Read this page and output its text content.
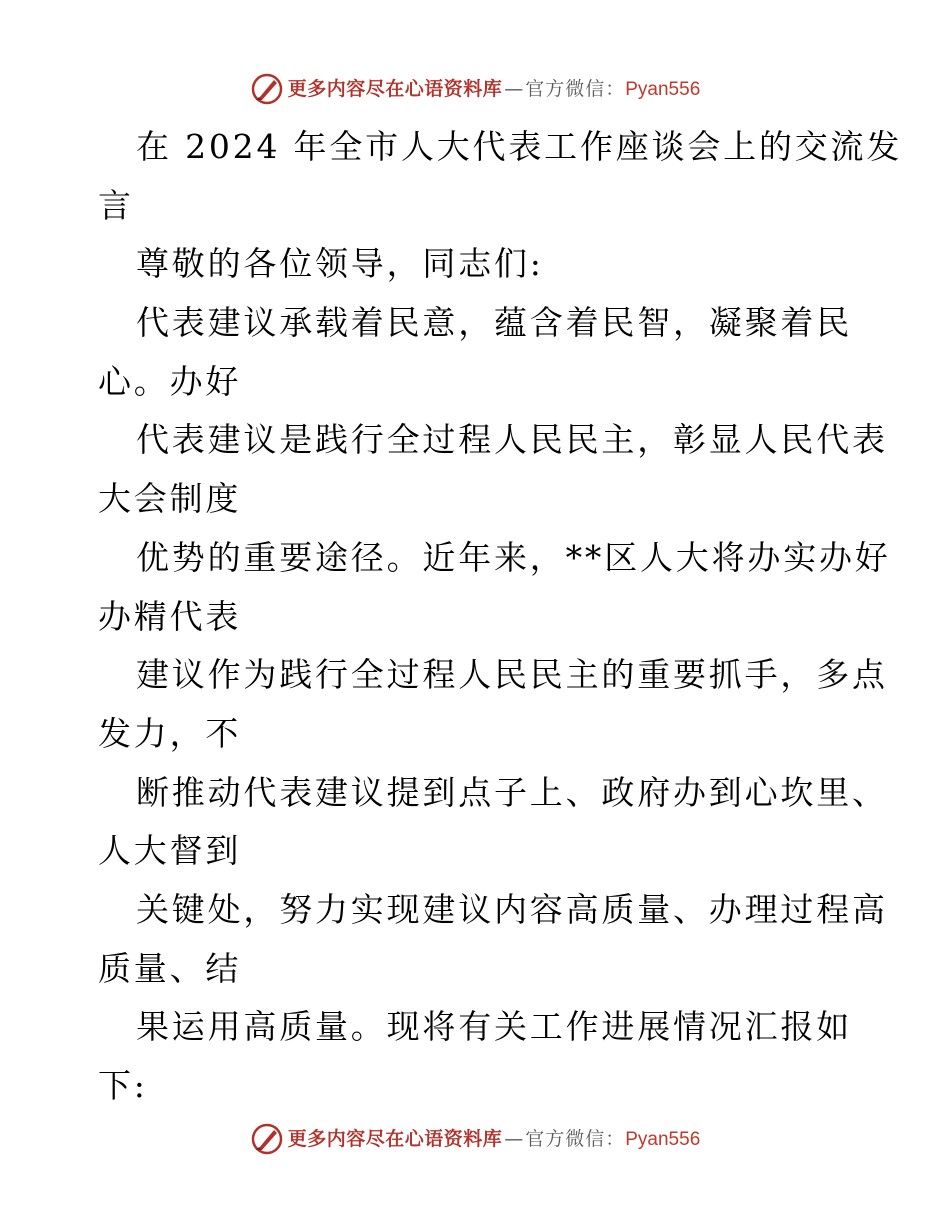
更多内容尽在心语资料库 — 官方微信： Pyan556
在 2024 年全市人大代表工作座谈会上的交流发
言
尊敬的各位领导，同志们:
代表建议承载着民意，蕴含着民智，凝聚着民
心。办好
代表建议是践行全过程人民民主，彰显人民代表
大会制度
优势的重要途径。近年来，**区人大将办实办好
办精代表
建议作为践行全过程人民民主的重要抓手，多点
发力，不
断推动代表建议提到点子上、政府办到心坎里、
人大督到
关键处，努力实现建议内容高质量、办理过程高
质量、结
果运用高质量。现将有关工作进展情况汇报如
下:
更多内容尽在心语资料库 — 官方微信： Pyan556
